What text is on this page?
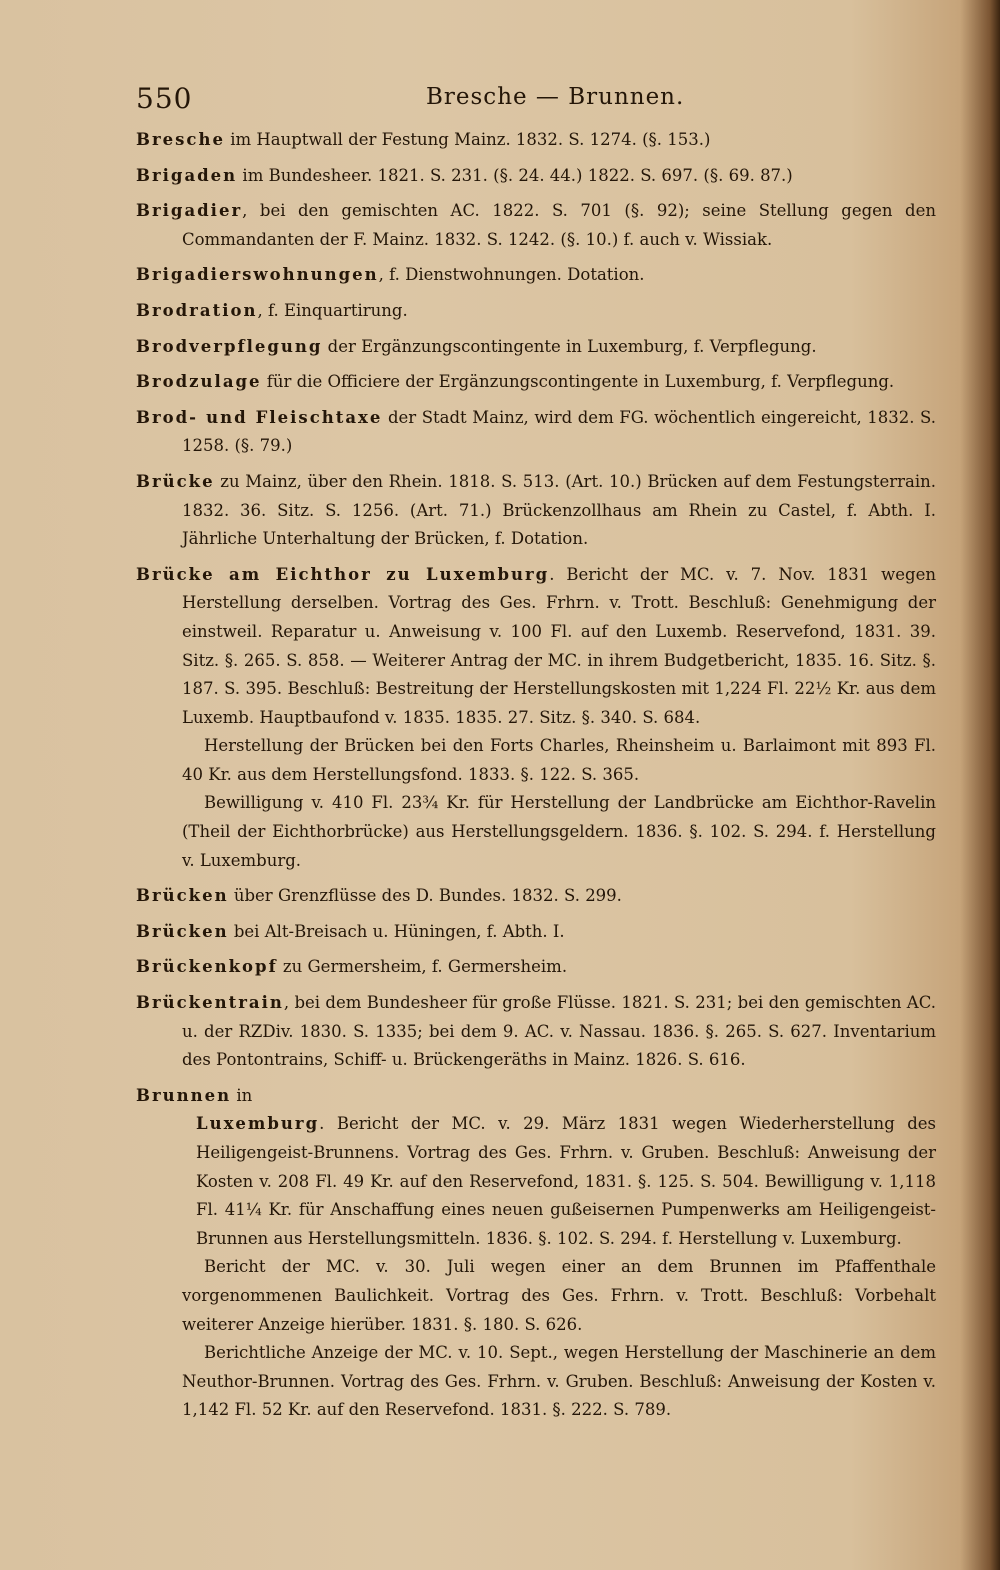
550	Bresche — Brunnen.

Bresche im Hauptwall der Festung Mainz. 1832. S. 1274. (§. 153.)

Brigaden im Bundesheer. 1821. S. 231. (§. 24. 44.) 1822. S. 697. (§. 69. 87.)

Brigadier, bei den gemischten AC. 1822. S. 701 (§. 92); seine Stellung gegen den Commandanten der F. Mainz. 1832. S. 1242. (§. 10.) f. auch v. Wissiak.

Brigadierswohnungen, f. Dienstwohnungen. Dotation.

Brodration, f. Einquartirung.

Brodverpflegung der Ergänzungscontingente in Luxemburg, f. Verpflegung.

Brodzulage für die Officiere der Ergänzungscontingente in Luxemburg, f. Verpflegung.

Brod- und Fleischtaxe der Stadt Mainz, wird dem FG. wöchentlich eingereicht, 1832. S. 1258. (§. 79.)

Brücke zu Mainz, über den Rhein. 1818. S. 513. (Art. 10.) Brücken auf dem Festungsterrain. 1832. 36. Sitz. S. 1256. (Art. 71.) Brückenzollhaus am Rhein zu Castel, f. Abth. I. Jährliche Unterhaltung der Brücken, f. Dotation.

Brücke am Eichthor zu Luxemburg. Bericht der MC. v. 7. Nov. 1831 wegen Herstellung derselben. Vortrag des Ges. Frhrn. v. Trott. Beschluß: Genehmigung der einstweil. Reparatur u. Anweisung v. 100 Fl. auf den Luxemb. Reservefond, 1831. 39. Sitz. §. 265. S. 858. — Weiterer Antrag der MC. in ihrem Budgetbericht, 1835. 16. Sitz. §. 187. S. 395. Beschluß: Bestreitung der Herstellungskosten mit 1,224 Fl. 22½ Kr. aus dem Luxemb. Hauptbaufond v. 1835. 1835. 27. Sitz. §. 340. S. 684.

Herstellung der Brücken bei den Forts Charles, Rheinsheim u. Barlaimont mit 893 Fl. 40 Kr. aus dem Herstellungsfond. 1833. §. 122. S. 365.

Bewilligung v. 410 Fl. 23¾ Kr. für Herstellung der Landbrücke am Eichthor-Ravelin (Theil der Eichthorbrücke) aus Herstellungsgeldern. 1836. §. 102. S. 294. f. Herstellung v. Luxemburg.

Brücken über Grenzflüsse des D. Bundes. 1832. S. 299.

Brücken bei Alt-Breisach u. Hüningen, f. Abth. I.

Brückenkopf zu Germersheim, f. Germersheim.

Brückentrain, bei dem Bundesheer für große Flüsse. 1821. S. 231; bei den gemischten AC. u. der RZDiv. 1830. S. 1335; bei dem 9. AC. v. Nassau. 1836. §. 265. S. 627. Inventarium des Pontontrains, Schiff- u. Brückengeräths in Mainz. 1826. S. 616.

Brunnen in

Luxemburg. Bericht der MC. v. 29. März 1831 wegen Wiederherstellung des Heiligengeist-Brunnens. Vortrag des Ges. Frhrn. v. Gruben. Beschluß: Anweisung der Kosten v. 208 Fl. 49 Kr. auf den Reservefond, 1831. §. 125. S. 504. Bewilligung v. 1,118 Fl. 41¼ Kr. für Anschaffung eines neuen gußeisernen Pumpenwerks am Heiligengeist-Brunnen aus Herstellungsmitteln. 1836. §. 102. S. 294. f. Herstellung v. Luxemburg.

Bericht der MC. v. 30. Juli wegen einer an dem Brunnen im Pfaffenthale vorgenommenen Baulichkeit. Vortrag des Ges. Frhrn. v. Trott. Beschluß: Vorbehalt weiterer Anzeige hierüber. 1831. §. 180. S. 626.

Berichtliche Anzeige der MC. v. 10. Sept., wegen Herstellung der Maschinerie an dem Neuthor-Brunnen. Vortrag des Ges. Frhrn. v. Gruben. Beschluß: Anweisung der Kosten v. 1,142 Fl. 52 Kr. auf den Reservefond. 1831. §. 222. S. 789.
